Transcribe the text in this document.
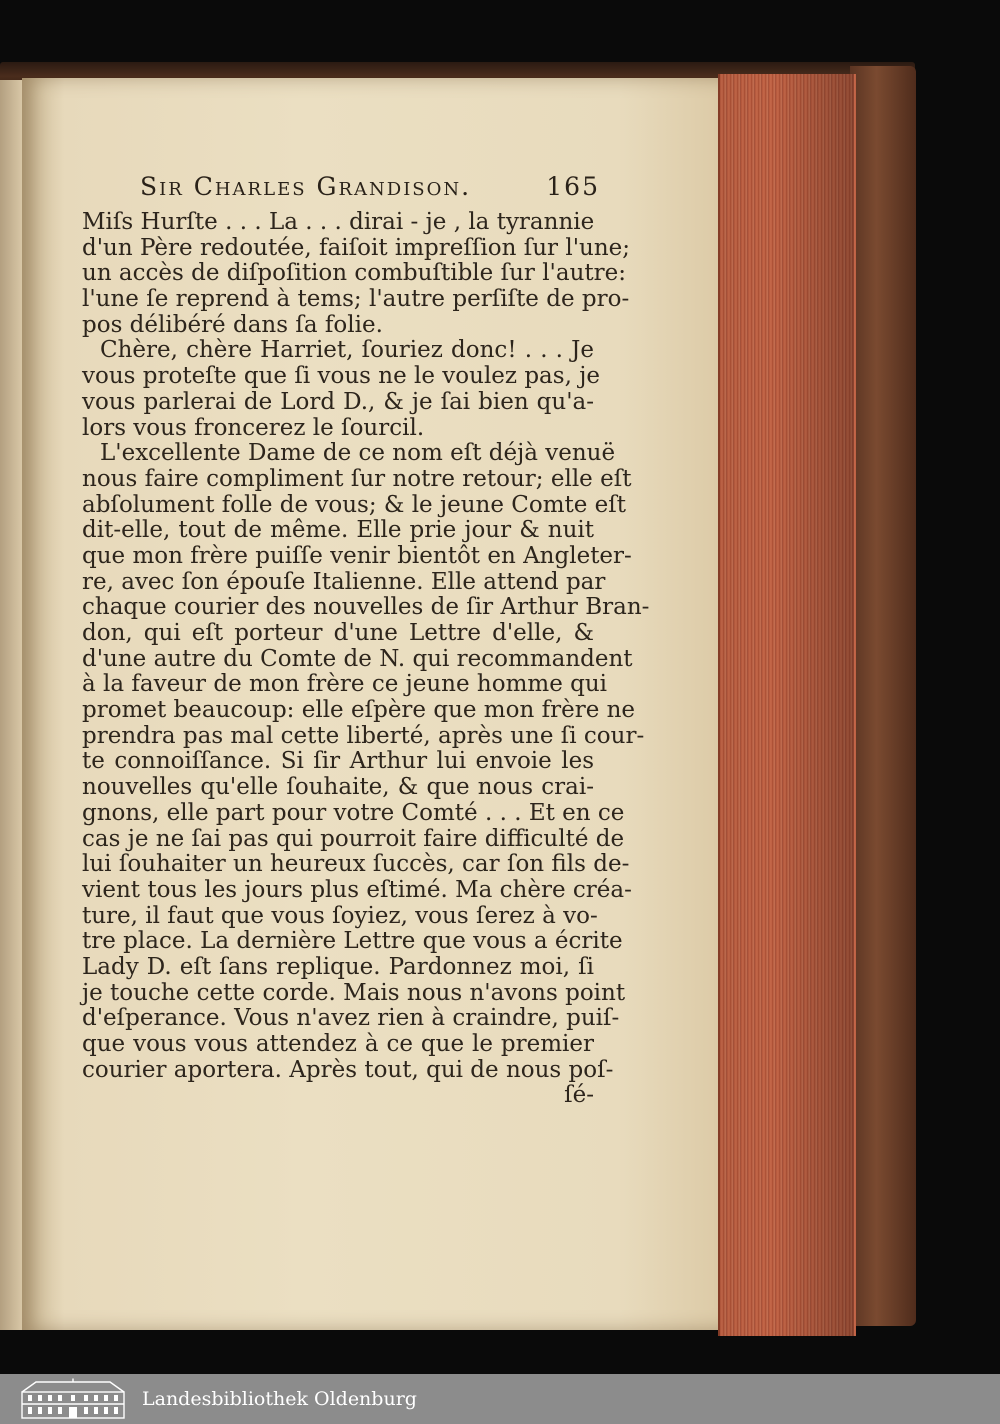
Sir Charles Grandison.	165
Miſs Hurſte . . . La . . . dirai - je , la tyrannie
d'un Père redoutée, faiſoit impreſſion ſur l'une;
un accès de diſpoſition combuſtible ſur l'autre:
l'une ſe reprend à tems; l'autre perſiſte de pro-
pos délibéré dans ſa folie.
Chère, chère Harriet, ſouriez donc! . . . Je
vous proteſte que ſi vous ne le voulez pas, je
vous parlerai de Lord D., & je ſai bien qu'a-
lors vous froncerez le ſourcil.
L'excellente Dame de ce nom eſt déjà venuë
nous faire compliment ſur notre retour; elle eſt
abſolument folle de vous; & le jeune Comte eſt
dit-elle, tout de même. Elle prie jour & nuit
que mon frère puiſſe venir bientôt en Angleter-
re, avec ſon épouſe Italienne. Elle attend par
chaque courier des nouvelles de ſir Arthur Bran-
don, qui eſt porteur d'une Lettre d'elle, &
d'une autre du Comte de N. qui recommandent
à la faveur de mon frère ce jeune homme qui
promet beaucoup: elle eſpère que mon frère ne
prendra pas mal cette liberté, après une ſi cour-
te connoiſſance. Si ſir Arthur lui envoie les
nouvelles qu'elle ſouhaite, & que nous crai-
gnons, elle part pour votre Comté . . . Et en ce
cas je ne ſai pas qui pourroit faire difficulté de
lui ſouhaiter un heureux ſuccès, car ſon fils de-
vient tous les jours plus eſtimé. Ma chère créa-
ture, il faut que vous ſoyiez, vous ſerez à vo-
tre place. La dernière Lettre que vous a écrite
Lady D. eſt ſans replique. Pardonnez moi, ſi
je touche cette corde. Mais nous n'avons point
d'eſperance. Vous n'avez rien à craindre, puiſ-
que vous vous attendez à ce que le premier
courier aportera. Après tout, qui de nous poſ-
ſé-
Landesbibliothek Oldenburg
